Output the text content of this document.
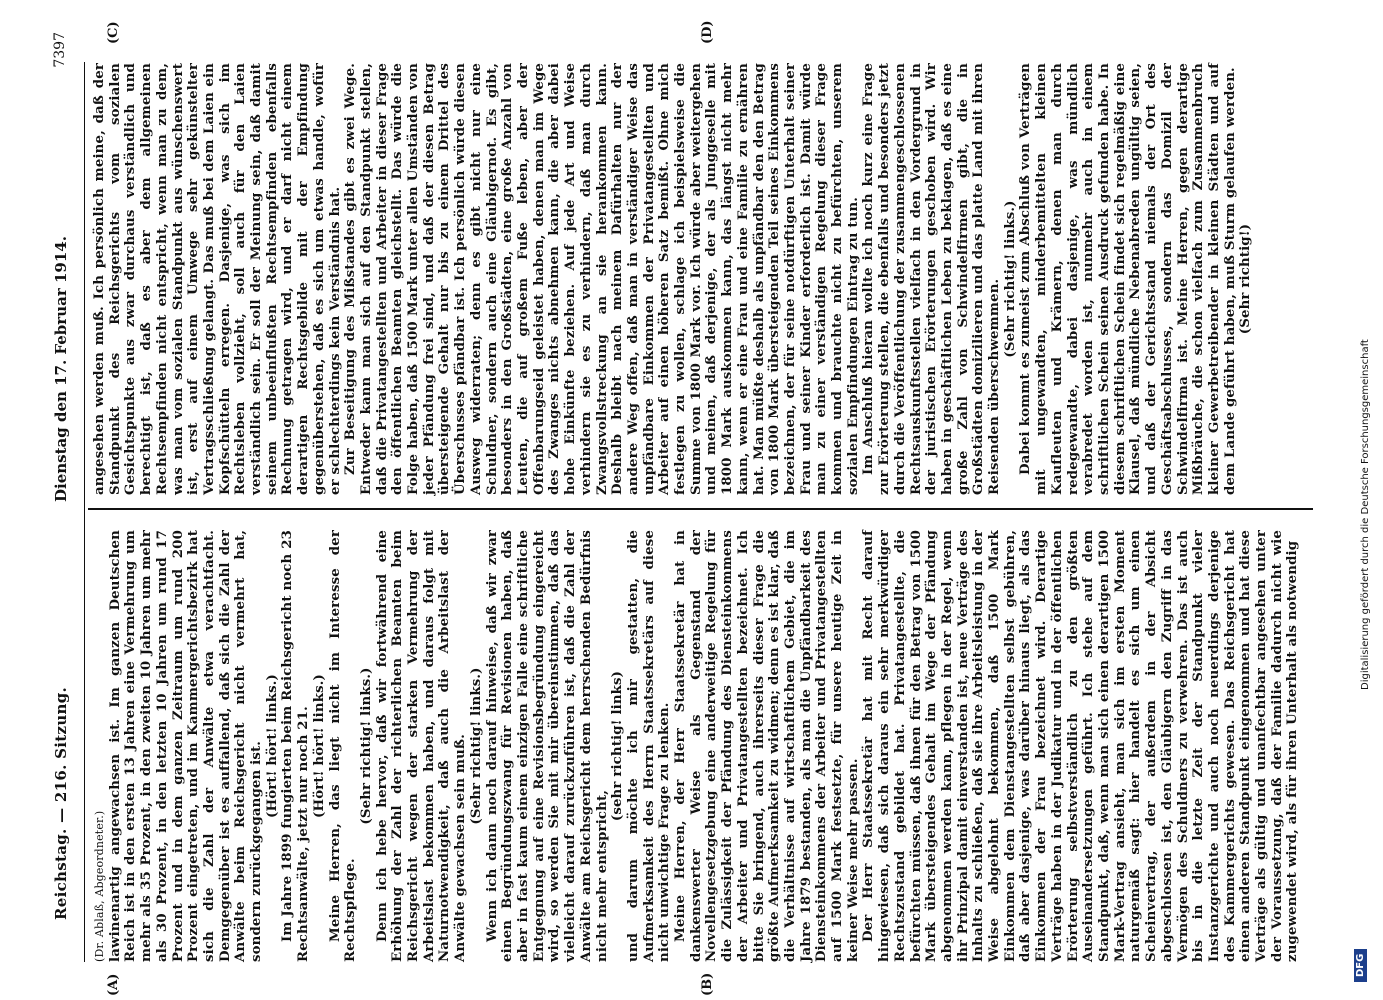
Reichstag. — 216. Sitzung.
Dienstag den 17. Februar 1914.
7397
(A)	(B)
(C)	(D)

(Dr. Ablaß, Abgeordneter.) lawinenartig angewachsen ist. Im ganzen Deutschen Reich ist in den ersten 13 Jahren eine Vermehrung um mehr als 35 Prozent, in den zweiten 10 Jahren um mehr als 30 Prozent, in den letzten 10 Jahren um rund 17 Prozent und in dem ganzen Zeitraum um rund 200 Prozent eingetreten, und im Kammergerichtsbezirk hat sich die Zahl der Anwälte etwa verachtfacht. Demgegenüber ist es auffallend, daß sich die Zahl der Anwälte beim Reichsgericht nicht vermehrt hat, sondern zurückgegangen ist. (Hört! hört! links.) Im Jahre 1899 fungierten beim Reichsgericht noch 23 Rechtsanwälte, jetzt nur noch 21. (Hört! hört! links.) Meine Herren, das liegt nicht im Interesse der Rechtspflege.

(Sehr richtig! links.) Denn ich hebe hervor, daß wir fortwährend eine Erhöhung der Zahl der richterlichen Beamten beim Reichsgericht wegen der starken Vermehrung der Arbeitslast bekommen haben, und daraus folgt mit Naturnotwendigkeit, daß auch die Arbeitslast der Anwälte gewachsen sein muß. (Sehr richtig! links.) Wenn ich dann noch darauf hinweise, daß wir zwar einen Begründungszwang für Revisionen haben, daß aber in fast kaum einem einzigen Falle eine schriftliche Entgegnung auf eine Revisionsbegründung eingereicht wird, so werden Sie mit mir übereinstimmen, daß das vielleicht darauf zurückzuführen ist, daß die Zahl der Anwälte am Reichsgericht dem herrschenden Bedürfnis nicht mehr entspricht,

(sehr richtig! links) und darum möchte ich mir gestatten, die Aufmerksamkeit des Herrn Staatssekretärs auf diese nicht unwichtige Frage zu lenken. Meine Herren, der Herr Staatssekretär hat in dankenswerter Weise als Gegenstand der Novellengesetzgebung eine anderweitige Regelung für die Zulässigkeit der Pfändung des Diensteinkommens der Arbeiter und Privatangestellten bezeichnet. Ich bitte Sie bringend, auch ihrerseits dieser Frage die größte Aufmerksamkeit zu widmen; denn es ist klar, daß die Verhältnisse auf wirtschaftlichem Gebiet, die im Jahre 1879 bestanden, als man die Unpfändbarkeit des Diensteinkommens der Arbeiter und Privatangestellten auf 1500 Mark festsetzte, für unsere heutige Zeit in keiner Weise mehr passen. Der Herr Staatssekretär hat mit Recht darauf hingewiesen, daß sich daraus ein sehr merkwürdiger Rechtszustand gebildet hat. Privatangestellte, die befürchten müssen, daß ihnen für den Betrag von 1500 Mark übersteigendes Gehalt im Wege der Pfändung abgenommen werden kann, pflegen in der Regel, wenn ihr Prinzipal damit einverstanden ist, neue Verträge des Inhalts zu schließen, daß sie ihre Arbeitsleistung in der Weise abgelohnt bekommen, daß 1500 Mark Einkommen dem Dienstangestellten selbst gebühren, daß aber dasjenige, was darüber hinaus liegt, als das Einkommen der Frau bezeichnet wird. Derartige Verträge haben in der Judikatur und in der öffentlichen Erörterung selbstverständlich zu den größten Auseinandersetzungen geführt. Ich stehe auf dem Standpunkt, daß, wenn man sich einen derartigen 1500 Mark-Vertrag ansieht, man sich im ersten Moment naturgemäß sagt: hier handelt es sich um einen Scheinvertrag, der außerdem in der Absicht abgeschlossen ist, den Gläubigern den Zugriff in das Vermögen des Schuldners zu verwehren. Das ist auch bis in die letzte Zeit der Standpunkt vieler Instanzgerichte und auch noch neuerdings derjenige des Kammergerichts gewesen. Das Reichsgericht hat einen anderen Standpunkt eingenommen und hat diese Verträge als gültig und unanfechtbar angesehen unter der Voraussetzung, daß der Familie dadurch nicht wie zugewendet wird, als für ihren Unterhalt als notwendig

angesehen werden muß. Ich persönlich meine, daß der Standpunkt des Reichsgerichts vom sozialen Gesichtspunkte aus zwar durchaus verständlich und berechtigt ist, daß es aber dem allgemeinen Rechtsempfinden nicht entspricht, wenn man zu dem, was man vom sozialen Standpunkt aus wünschenswert ist, erst auf einem Umwege sehr gekünstelter Vertragsschließung gelangt. Das muß bei dem Laien ein Kopfschütteln erregen. Dasjenige, was sich im Rechtsleben vollzieht, soll auch für den Laien verständlich sein. Er soll der Meinung sein, daß damit seinem unbeeinflußten Rechtsempfinden ebenfalls Rechnung getragen wird, und er darf nicht einem derartigen Rechtsgebilde mit der Empfindung gegenüberstehen, daß es sich um etwas handle, wofür er schlechterdings kein Verständnis hat. Zur Beseitigung des Mißstandes gibt es zwei Wege. Entweder kann man sich auf den Standpunkt stellen, daß die Privatangestellten und Arbeiter in dieser Frage den öffentlichen Beamten gleichstellt. Das würde die Folge haben, daß 1500 Mark unter allen Umständen von jeder Pfändung frei sind, und daß der diesen Betrag übersteigende Gehalt nur bis zu einem Drittel des Überschusses pfändbar ist. Ich persönlich würde diesen Ausweg widerraten; denn es gibt nicht nur eine Schuldner, sondern auch eine Gläubigernot. Es gibt, besonders in den Großstädten, eine große Anzahl von Leuten, die auf großem Fuße leben, aber der Offenbarungseid geleistet haben, denen man im Wege des Zwanges nichts abnehmen kann, die aber dabei hohe Einkünfte beziehen. Auf jede Art und Weise verhindern sie es zu verhindern, daß man durch Zwangsvollstreckung an sie herankommen kann. Deshalb bleibt nach meinem Dafürhalten nur der andere Weg offen, daß man in verständiger Weise das unpfändbare Einkommen der Privatangestellten und Arbeiter auf einen höheren Satz bemißt. Ohne mich festlegen zu wollen, schlage ich beispielsweise die Summe von 1800 Mark vor. Ich würde aber weitergehen und meinen, daß derjenige, der als Junggeselle mit 1800 Mark auskommen kann, das längst nicht mehr kann, wenn er eine Frau und eine Familie zu ernähren hat. Man müßte deshalb als unpfändbar den den Betrag von 1800 Mark übersteigenden Teil seines Einkommens bezeichnen, der für seine notdürftigen Unterhalt seiner Frau und seiner Kinder erforderlich ist. Damit würde man zu einer verständigen Regelung dieser Frage kommen und brauchte nicht zu befürchten, unserem sozialen Empfindungen Eintrag zu tun. Im Anschluß hieran wollte ich noch kurz eine Frage zur Erörterung stellen, die ebenfalls und besonders jetzt durch die Veröffentlichung der zusammengeschlossenen Rechtsauskunftsstellen vielfach in den Vordergrund in der juristischen Erörterungen geschoben wird. Wir haben in geschäftlichen Leben zu beklagen, daß es eine große Zahl von Schwindelfirmen gibt, die in Großstädten domizilieren und das platte Land mit ihren Reisenden überschwemmen. (Sehr richtig! links.) Dabei kommt es zumeist zum Abschluß von Verträgen mit ungewandten, minderbemittelten kleinen Kaufleuten und Krämern, denen man durch redegewandte, dabei dasjenige, was mündlich verabredet worden ist, nunmehr auch in einem schriftlichen Schein seinen Ausdruck gefunden habe. In diesem schriftlichen Schein findet sich regelmäßig eine Klausel, daß mündliche Nebenabreden ungültig seien, und daß der Gerichtsstand niemals der Ort des Geschäftsabschlusses, sondern das Domizil der Schwindelfirma ist. Meine Herren, gegen derartige Mißbräuche, die schon vielfach zum Zusammenbruch kleiner Gewerbetreibender in kleinen Städten und auf dem Lande geführt haben, muß Sturm gelaufen werden. (Sehr richtig!)

Digitalisierung gefördert durch die Deutsche Forschungsgemeinschaft
DFG
